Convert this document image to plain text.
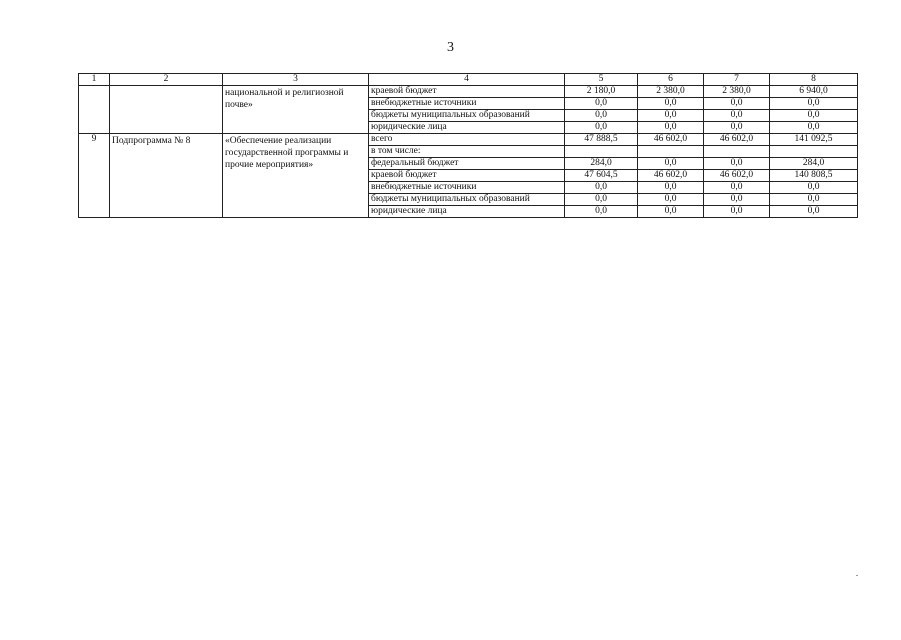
3
1	2	3	4	5	6	7	8
		национальной и религиозной почве»	краевой бюджет	2 180,0	2 380,0	2 380,0	6 940,0
			внебюджетные источники	0,0	0,0	0,0	0,0
			бюджеты муниципальных образований	0,0	0,0	0,0	0,0
			юридические лица	0,0	0,0	0,0	0,0
9	Подпрограмма № 8	«Обеспечение реализации государственной программы и прочие мероприятия»	всего	47 888,5	46 602,0	46 602,0	141 092,5
			в том числе:				
			федеральный бюджет	284,0	0,0	0,0	284,0
			краевой бюджет	47 604,5	46 602,0	46 602,0	140 808,5
			внебюджетные источники	0,0	0,0	0,0	0,0
			бюджеты муниципальных образований	0,0	0,0	0,0	0,0
			юридические лица	0,0	0,0	0,0	0,0
